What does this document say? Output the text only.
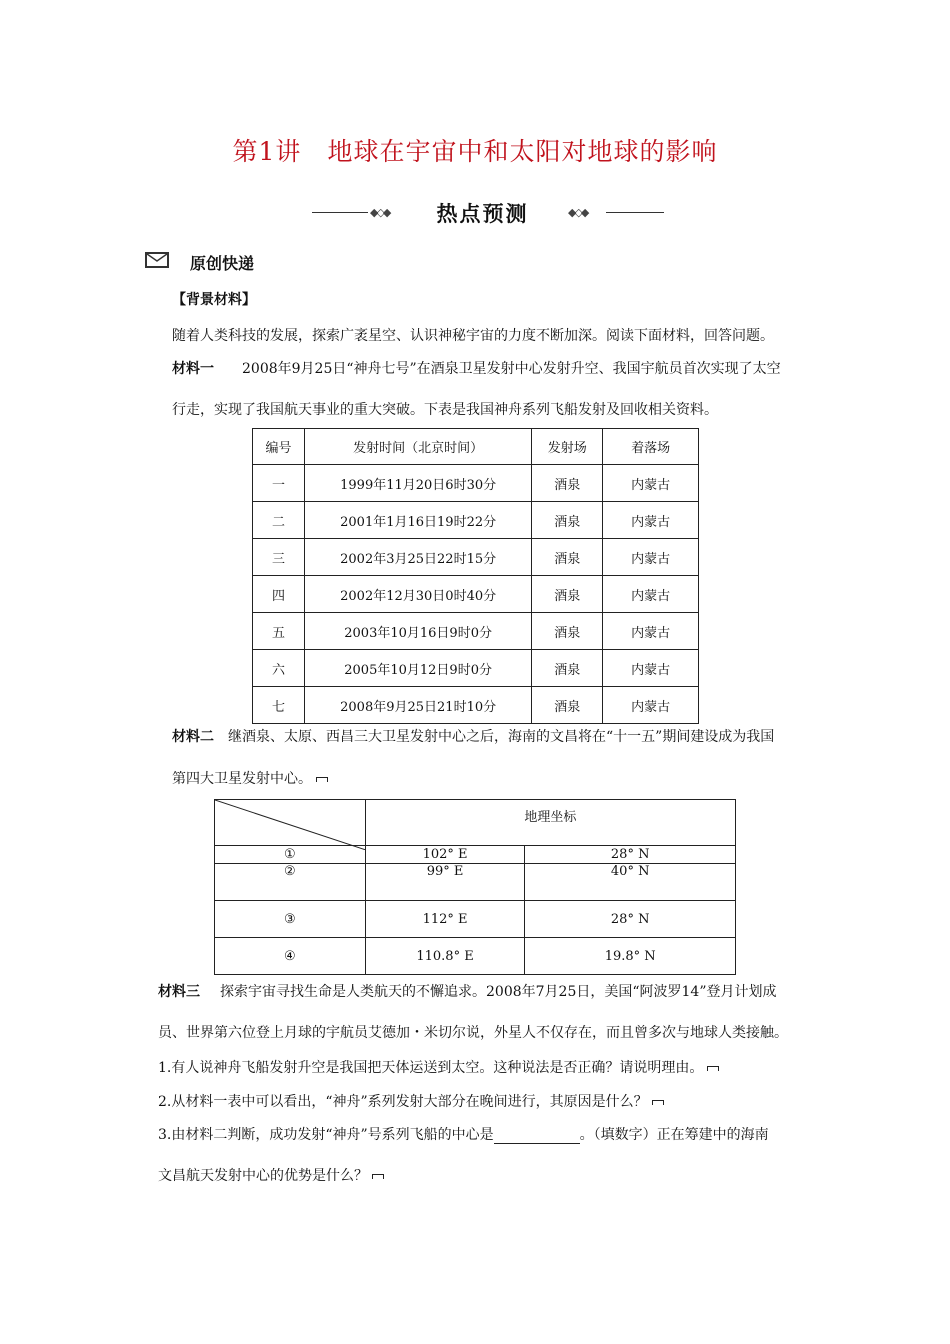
第1讲 地球在宇宙中和太阳对地球的影响
◆◇◆	热点预测	◆◇◆
原创快递
【背景材料】
随着人类科技的发展，探索广袤星空、认识神秘宇宙的力度不断加深。阅读下面材料，回答问题。
材料一 2008年9月25日“神舟七号”在酒泉卫星发射中心发射升空、我国宇航员首次实现了太空
行走，实现了我国航天事业的重大突破。下表是我国神舟系列飞船发射及回收相关资料。
编号	发射时间（北京时间）	发射场	着落场
一	1999年11月20日6时30分	酒泉	内蒙古
二	2001年1月16日19时22分	酒泉	内蒙古
三	2002年3月25日22时15分	酒泉	内蒙古
四	2002年12月30日0时40分	酒泉	内蒙古
五	2003年10月16日9时0分	酒泉	内蒙古
六	2005年10月12日9时0分	酒泉	内蒙古
七	2008年9月25日21时10分	酒泉	内蒙古
材料二 继酒泉、太原、西昌三大卫星发射中心之后，海南的文昌将在“十一五”期间建设成为我国
第四大卫星发射中心。
	地理坐标	
①	102° E	28° N
②	99° E	40° N
③	112° E	28° N
④	110.8° E	19.8° N
材料三 探索宇宙寻找生命是人类航天的不懈追求。2008年7月25日，美国“阿波罗14”登月计划成
员、世界第六位登上月球的宇航员艾德加・米切尔说，外星人不仅存在，而且曾多次与地球人类接触。
1.有人说神舟飞船发射升空是我国把天体运送到太空。这种说法是否正确？请说明理由。
2.从材料一表中可以看出，“神舟”系列发射大部分在晚间进行，其原因是什么？
3.由材料二判断，成功发射“神舟”号系列飞船的中心是	。（填数字）正在筹建中的海南
文昌航天发射中心的优势是什么？
